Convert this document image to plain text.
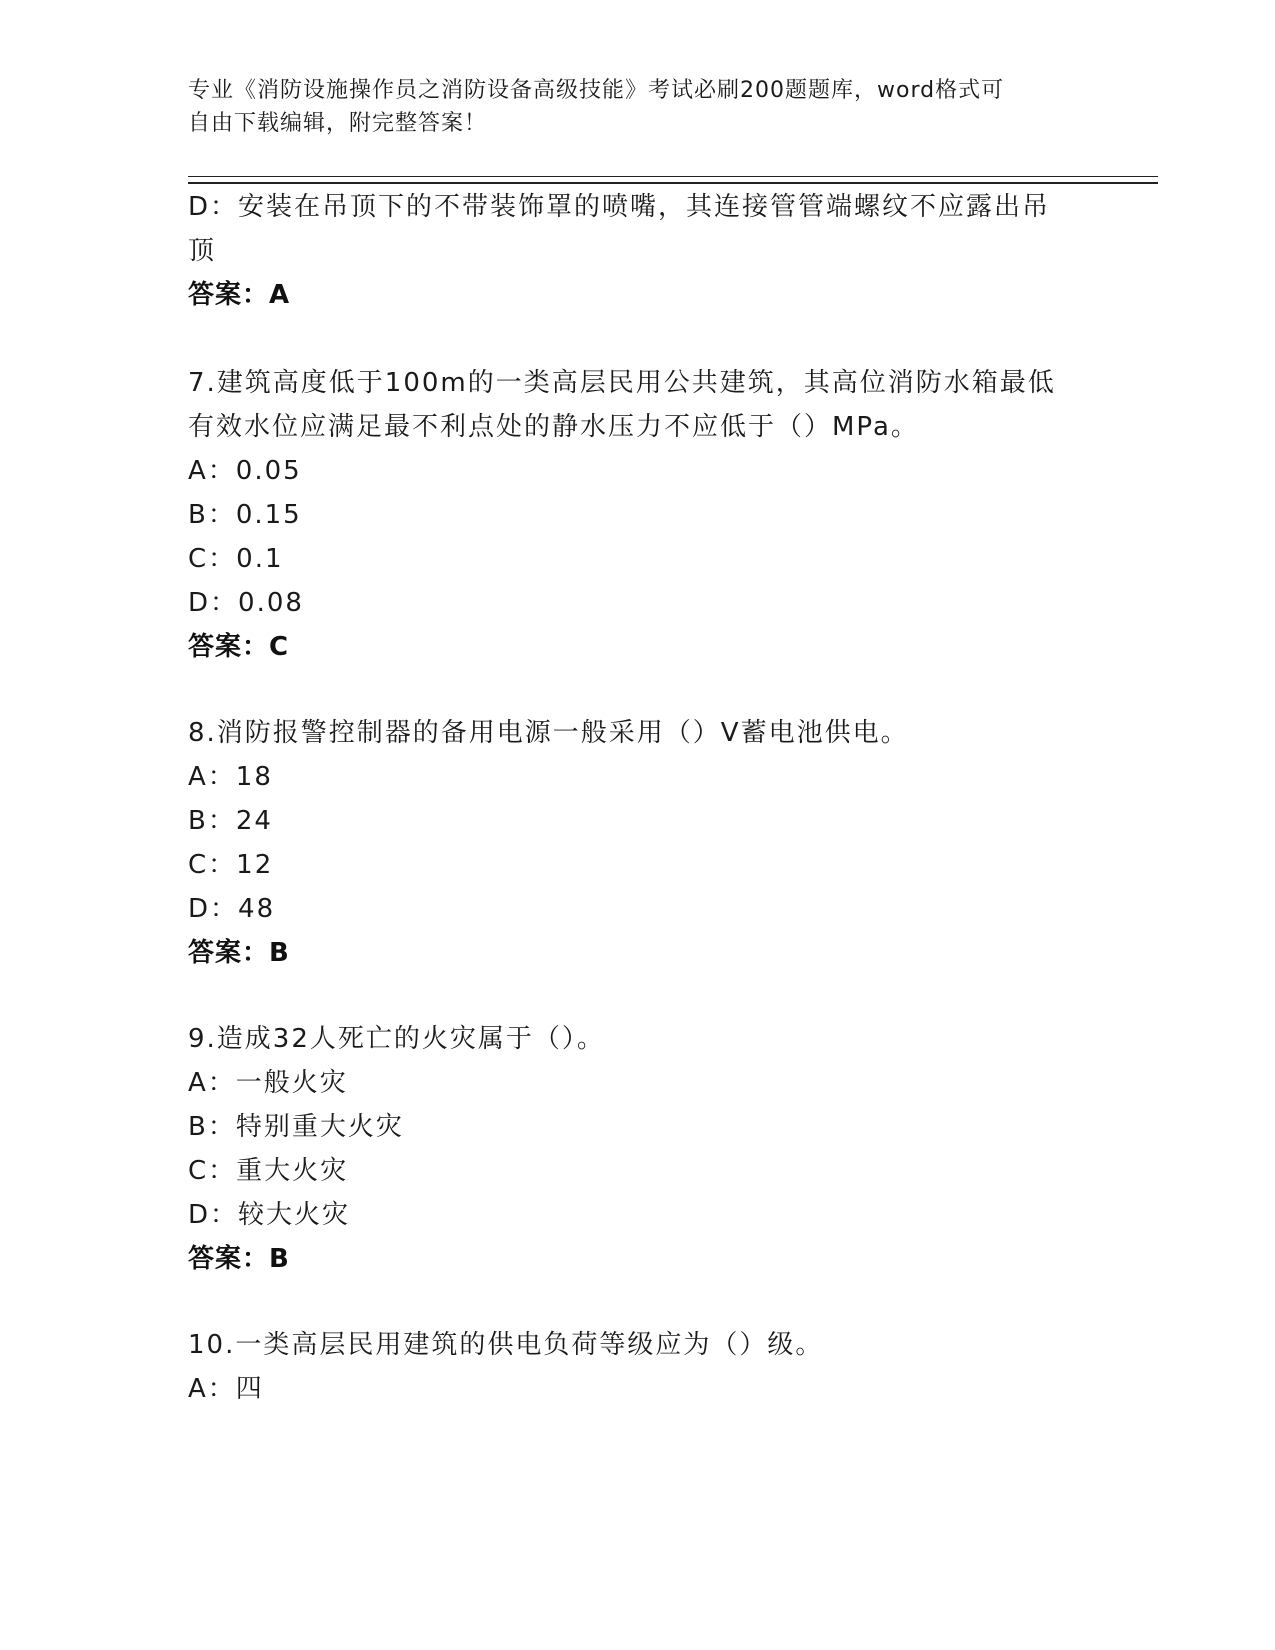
专业《消防设施操作员之消防设备高级技能》考试必刷200题题库，word格式可
自由下载编辑，附完整答案！
D：安装在吊顶下的不带装饰罩的喷嘴，其连接管管端螺纹不应露出吊
顶
答案：A
7.建筑高度低于100m的一类高层民用公共建筑，其高位消防水箱最低
有效水位应满足最不利点处的静水压力不应低于（）MPa。
A：0.05
B：0.15
C：0.1
D：0.08
答案：C
8.消防报警控制器的备用电源一般采用（）V蓄电池供电。
A：18
B：24
C：12
D：48
答案：B
9.造成32人死亡的火灾属于（）。
A：一般火灾
B：特别重大火灾
C：重大火灾
D：较大火灾
答案：B
10.一类高层民用建筑的供电负荷等级应为（）级。
A：四
